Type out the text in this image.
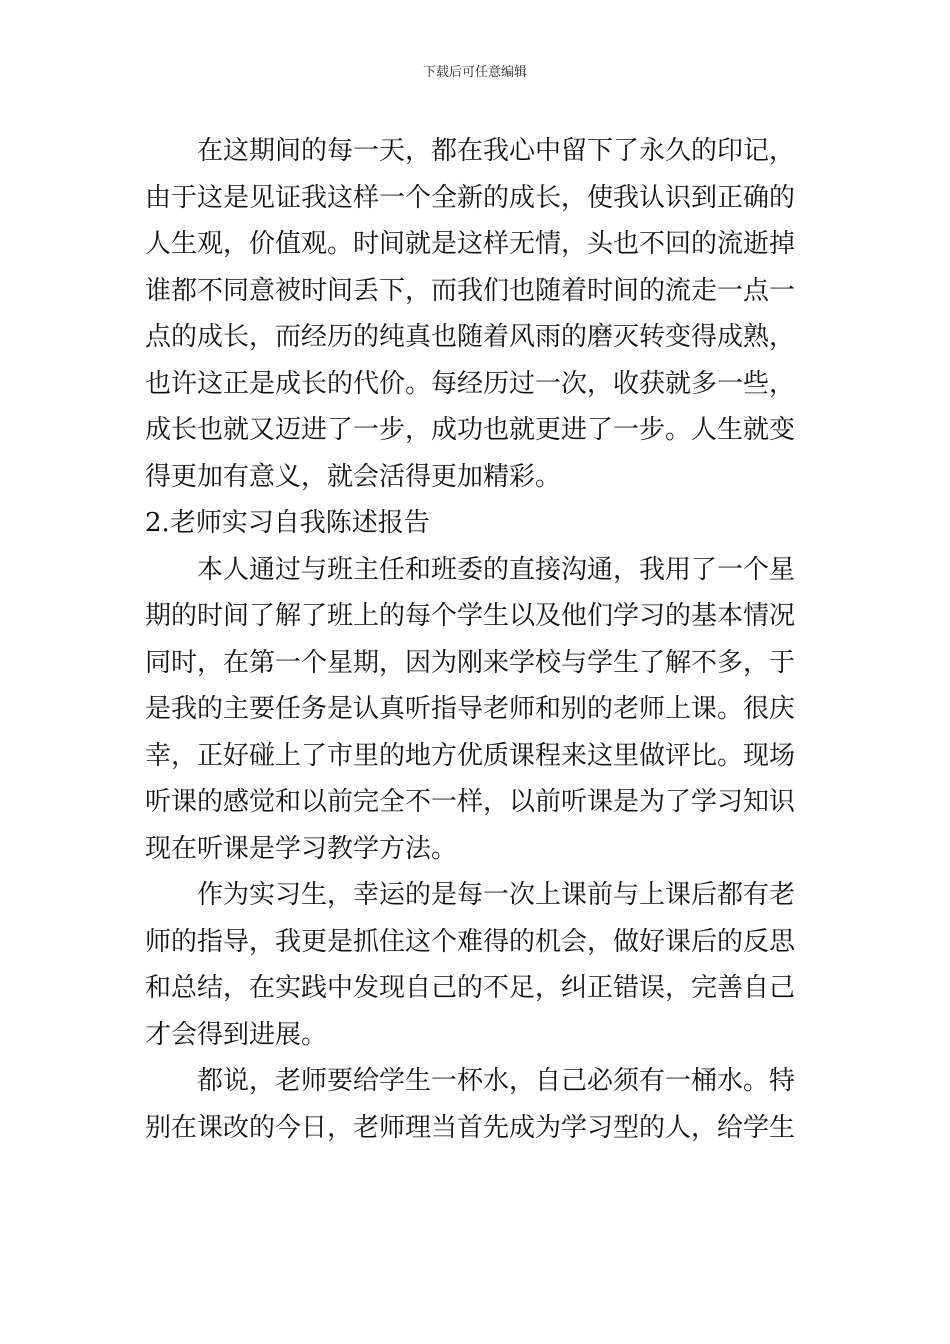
下载后可任意编辑
在这期间的每一天，都在我心中留下了永久的印记，
由于这是见证我这样一个全新的成长，使我认识到正确的
人生观，价值观。时间就是这样无情，头也不回的流逝掉
谁都不同意被时间丢下，而我们也随着时间的流走一点一
点的成长，而经历的纯真也随着风雨的磨灭转变得成熟，
也许这正是成长的代价。每经历过一次，收获就多一些，
成长也就又迈进了一步，成功也就更进了一步。人生就变
得更加有意义，就会活得更加精彩。
2.老师实习自我陈述报告
本人通过与班主任和班委的直接沟通，我用了一个星
期的时间了解了班上的每个学生以及他们学习的基本情况
同时，在第一个星期，因为刚来学校与学生了解不多，于
是我的主要任务是认真听指导老师和别的老师上课。很庆
幸，正好碰上了市里的地方优质课程来这里做评比。现场
听课的感觉和以前完全不一样，以前听课是为了学习知识
现在听课是学习教学方法。
作为实习生，幸运的是每一次上课前与上课后都有老
师的指导，我更是抓住这个难得的机会，做好课后的反思
和总结，在实践中发现自己的不足，纠正错误，完善自己
才会得到进展。
都说，老师要给学生一杯水，自己必须有一桶水。特
别在课改的今日，老师理当首先成为学习型的人，给学生
